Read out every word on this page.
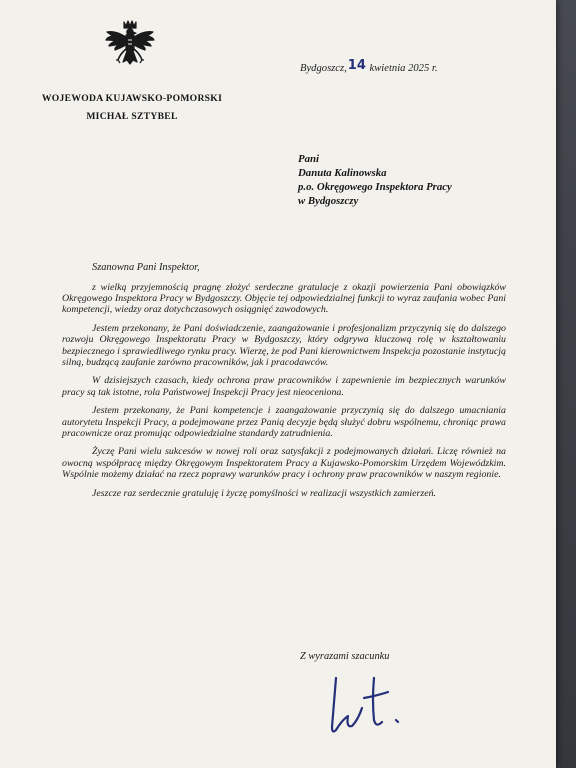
WOJEWODA KUJAWSKO-POMORSKI
MICHAŁ SZTYBEL
Bydgoszcz,14 kwietnia 2025 r.
Pani
Danuta Kalinowska
p.o. Okręgowego Inspektora Pracy
w Bydgoszczy
Szanowna Pani Inspektor,

z wielką przyjemnością pragnę złożyć serdeczne gratulacje z okazji powierzenia Pani obowiązków Okręgowego Inspektora Pracy w Bydgoszczy. Objęcie tej odpowiedzialnej funkcji to wyraz zaufania wobec Pani kompetencji, wiedzy oraz dotychczasowych osiągnięć zawodowych.

Jestem przekonany, że Pani doświadczenie, zaangażowanie i profesjonalizm przyczynią się do dalszego rozwoju Okręgowego Inspektoratu Pracy w Bydgoszczy, który odgrywa kluczową rolę w kształtowaniu bezpiecznego i sprawiedliwego rynku pracy. Wierzę, że pod Pani kierownictwem Inspekcja pozostanie instytucją silną, budzącą zaufanie zarówno pracowników, jak i pracodawców.

W dzisiejszych czasach, kiedy ochrona praw pracowników i zapewnienie im bezpiecznych warunków pracy są tak istotne, rola Państwowej Inspekcji Pracy jest nieoceniona.

Jestem przekonany, że Pani kompetencje i zaangażowanie przyczynią się do dalszego umacniania autorytetu Inspekcji Pracy, a podejmowane przez Panią decyzje będą służyć dobru wspólnemu, chroniąc prawa pracownicze oraz promując odpowiedzialne standardy zatrudnienia.

Życzę Pani wielu sukcesów w nowej roli oraz satysfakcji z podejmowanych działań. Liczę również na owocną współpracę między Okręgowym Inspektoratem Pracy a Kujawsko-Pomorskim Urzędem Wojewódzkim. Wspólnie możemy działać na rzecz poprawy warunków pracy i ochrony praw pracowników w naszym regionie.

Jeszcze raz serdecznie gratuluję i życzę pomyślności w realizacji wszystkich zamierzeń.

Z wyrazami szacunku
